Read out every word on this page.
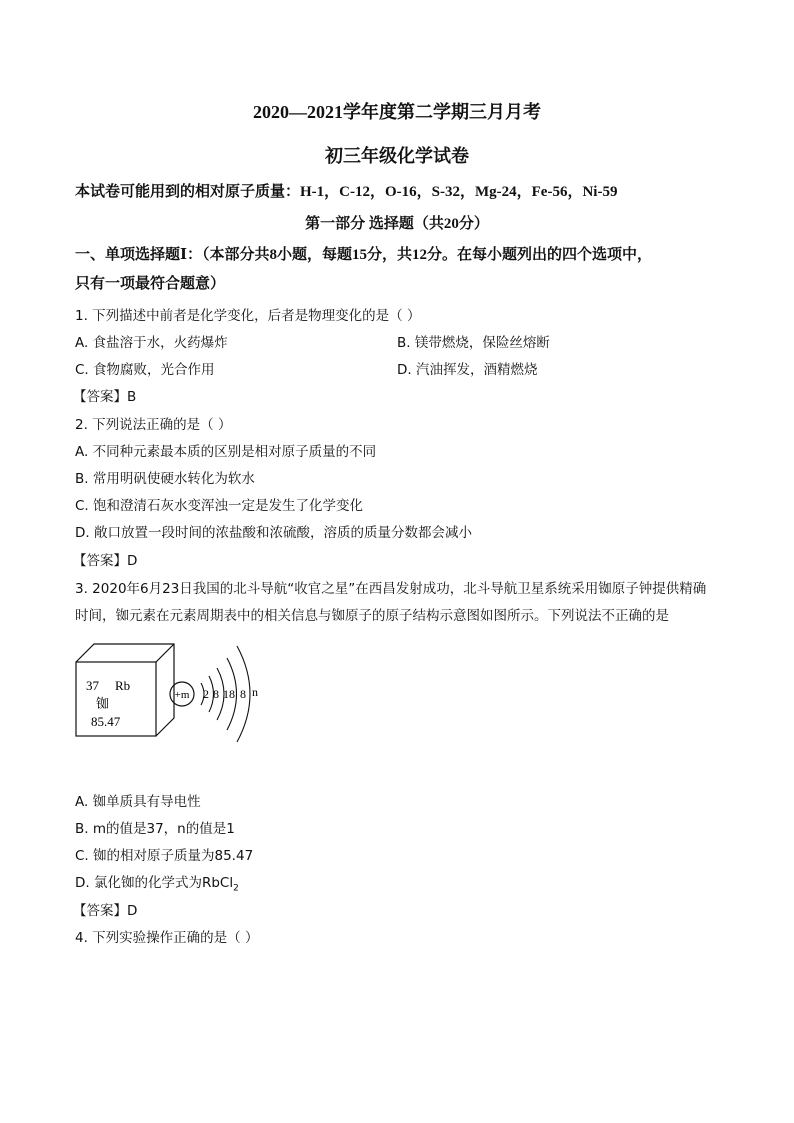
2020—2021学年度第二学期三月月考
初三年级化学试卷
本试卷可能用到的相对原子质量：H-1，C-12，O-16，S-32，Mg-24，Fe-56，Ni-59
第一部分 选择题（共20分）
一、单项选择题Ⅰ：（本部分共8小题，每题15分，共12分。在每小题列出的四个选项中，
只有一项最符合题意）
1. 下列描述中前者是化学变化，后者是物理变化的是（ ）
A. 食盐溶于水，火药爆炸	B. 镁带燃烧，保险丝熔断
C. 食物腐败，光合作用	D. 汽油挥发，酒精燃烧
【答案】B
2. 下列说法正确的是（ ）
A. 不同种元素最本质的区别是相对原子质量的不同
B. 常用明矾使硬水转化为软水
C. 饱和澄清石灰水变浑浊一定是发生了化学变化
D. 敞口放置一段时间的浓盐酸和浓硫酸，溶质的质量分数都会减小
【答案】D
3. 2020年6月23日我国的北斗导航“收官之星”在西昌发射成功，北斗导航卫星系统采用铷原子钟提供精确
时间，铷元素在元素周期表中的相关信息与铷原子的原子结构示意图如图所示。下列说法不正确的是
37 Rb
铷
85.47
+m 2 8 18 8 n
A. 铷单质具有导电性
B. m的值是37，n的值是1
C. 铷的相对原子质量为85.47
D. 氯化铷的化学式为RbCl$_2$
【答案】D
4. 下列实验操作正确的是（ ）
